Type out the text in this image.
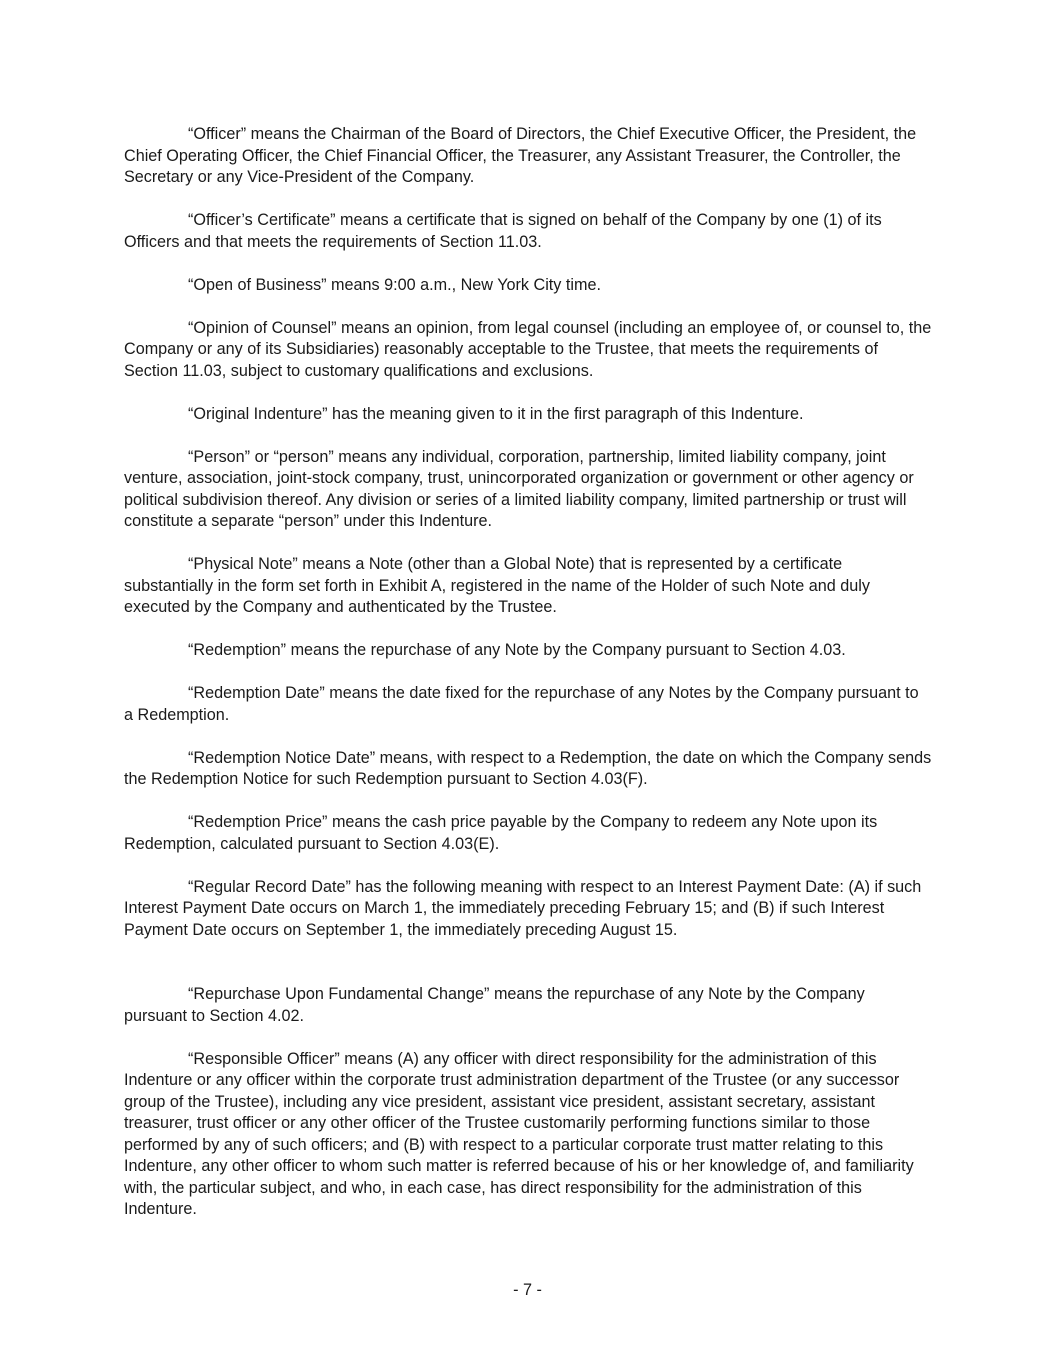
“Officer” means the Chairman of the Board of Directors, the Chief Executive Officer, the President, the Chief Operating Officer, the Chief Financial Officer, the Treasurer, any Assistant Treasurer, the Controller, the Secretary or any Vice-President of the Company.

“Officer’s Certificate” means a certificate that is signed on behalf of the Company by one (1) of its Officers and that meets the requirements of Section 11.03.

“Open of Business” means 9:00 a.m., New York City time.

“Opinion of Counsel” means an opinion, from legal counsel (including an employee of, or counsel to, the Company or any of its Subsidiaries) reasonably acceptable to the Trustee, that meets the requirements of Section 11.03, subject to customary qualifications and exclusions.

“Original Indenture” has the meaning given to it in the first paragraph of this Indenture.

“Person” or “person” means any individual, corporation, partnership, limited liability company, joint venture, association, joint-stock company, trust, unincorporated organization or government or other agency or political subdivision thereof. Any division or series of a limited liability company, limited partnership or trust will constitute a separate “person” under this Indenture.

“Physical Note” means a Note (other than a Global Note) that is represented by a certificate substantially in the form set forth in Exhibit A, registered in the name of the Holder of such Note and duly executed by the Company and authenticated by the Trustee.

“Redemption” means the repurchase of any Note by the Company pursuant to Section 4.03.

“Redemption Date” means the date fixed for the repurchase of any Notes by the Company pursuant to a Redemption.

“Redemption Notice Date” means, with respect to a Redemption, the date on which the Company sends the Redemption Notice for such Redemption pursuant to Section 4.03(F).

“Redemption Price” means the cash price payable by the Company to redeem any Note upon its Redemption, calculated pursuant to Section 4.03(E).

“Regular Record Date” has the following meaning with respect to an Interest Payment Date: (A) if such Interest Payment Date occurs on March 1, the immediately preceding February 15; and (B) if such Interest Payment Date occurs on September 1, the immediately preceding August 15.

“Repurchase Upon Fundamental Change” means the repurchase of any Note by the Company pursuant to Section 4.02.

“Responsible Officer” means (A) any officer with direct responsibility for the administration of this Indenture or any officer within the corporate trust administration department of the Trustee (or any successor group of the Trustee), including any vice president, assistant vice president, assistant secretary, assistant treasurer, trust officer or any other officer of the Trustee customarily performing functions similar to those performed by any of such officers; and (B) with respect to a particular corporate trust matter relating to this Indenture, any other officer to whom such matter is referred because of his or her knowledge of, and familiarity with, the particular subject, and who, in each case, has direct responsibility for the administration of this Indenture.

- 7 -
